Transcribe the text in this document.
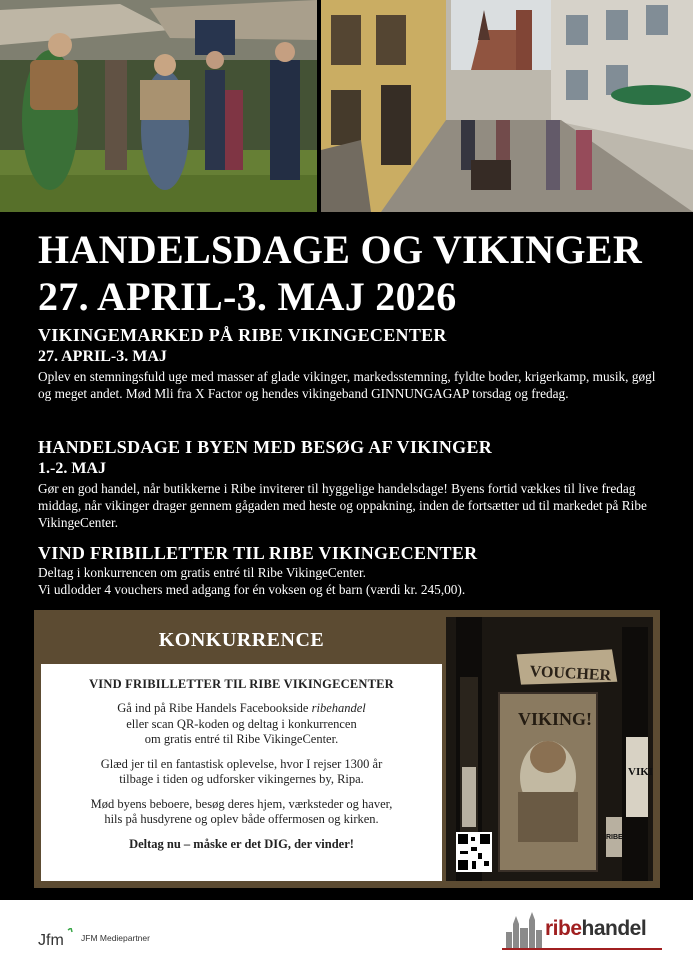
HANDELSDAGE OG VIKINGER
27. APRIL-3. MAJ 2026
VIKINGEMARKED PÅ RIBE VIKINGECENTER
27. APRIL-3. MAJ
Oplev en stemningsfuld uge med masser af glade vikinger, markedsstemning, fyldte boder, krigerkamp, musik, gøgl og meget andet. Mød Mli fra X Factor og hendes vikingeband GINNUNGAGAP torsdag og fredag.
HANDELSDAGE I BYEN MED BESØG AF VIKINGER
1.-2. MAJ
Gør en god handel, når butikkerne i Ribe inviterer til hyggelige handelsdage! Byens fortid vækkes til live fredag middag, når vikinger drager gennem gågaden med heste og oppakning, inden de fortsætter ud til markedet på Ribe VikingeCenter.
VIND FRIBILLETTER TIL RIBE VIKINGECENTER
Deltag i konkurrencen om gratis entré til Ribe VikingeCenter.
Vi udlodder 4 vouchers med adgang for én voksen og ét barn (værdi kr. 245,00).
KONKURRENCE
VIND FRIBILLETTER TIL RIBE VIKINGECENTER
Gå ind på Ribe Handels Facebookside ribehandel
eller scan QR-koden og deltag i konkurrencen
om gratis entré til Ribe VikingeCenter.
Glæd jer til en fantastisk oplevelse, hvor I rejser 1300 år
tilbage i tiden og udforsker vikingernes by, Ripa.
Mød byens beboere, besøg deres hjem, værksteder og haver,
hils på husdyrene og oplev både offermosen og kirken.
Deltag nu – måske er det DIG, der vinder!
VIKI
VOUCHER
VIKING!
RIBE
Jfm JFM Mediepartner	ribehandel
